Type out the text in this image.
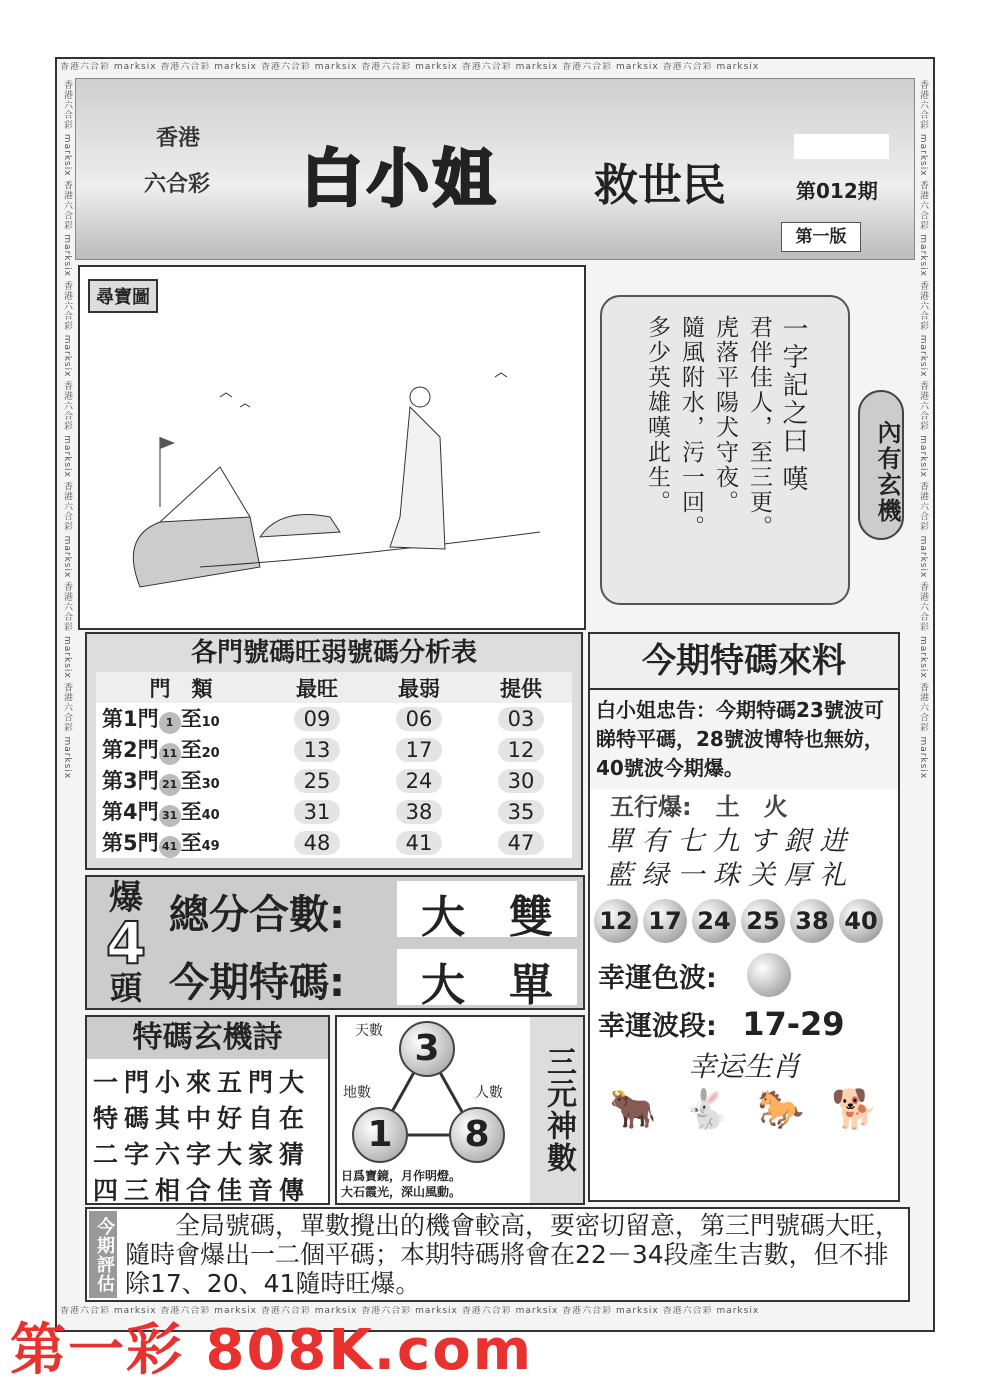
香港六合彩 marksix 香港六合彩 marksix 香港六合彩 marksix 香港六合彩 marksix 香港六合彩 marksix 香港六合彩 marksix 香港六合彩 marksix
香港六合彩 marksix 香港六合彩 marksix 香港六合彩 marksix 香港六合彩 marksix 香港六合彩 marksix 香港六合彩 marksix 香港六合彩 marksix
香港六合彩 marksix 香港六合彩 marksix 香港六合彩 marksix 香港六合彩 marksix 香港六合彩 marksix 香港六合彩 marksix 香港六合彩 marksix	香港六合彩 marksix 香港六合彩 marksix 香港六合彩 marksix 香港六合彩 marksix 香港六合彩 marksix 香港六合彩 marksix 香港六合彩 marksix
香港
六合彩 白小姐 救世民	第012期
第一版
尋寶圖
一字記之曰 嘆
君伴佳人，至三更。
虎落平陽犬守夜。
隨風附水，污一回。
多少英雄嘆此生。	內有玄機
各門號碼旺弱號碼分析表
門　類	最旺	最弱	提供
第1門 1 至10	09	06	03
第2門 11 至20	13	17	12
第3門 21 至30	25	24	30
第4門 31 至40	31	38	35
第5門 41 至49	48	41	47
爆
4
頭
總分合數:	大　雙
今期特碼:	大　單
特碼玄機詩
一門小來五門大
特碼其中好自在
二字六字大家猜
四三相合佳音傳
天數 3
地數
1
人數
8
日爲寶鏡，月作明燈。
大石霞光，深山風動。
三元神數
今期特碼來料
白小姐忠告：今期特碼23號波可睇特平碼，28號波博特也無妨，40號波今期爆。
五行爆:　土　火
單 有 七 九 す 銀 进
藍 绿 一 珠 关 厚 礼
12 17 24 25 38 40
幸運色波:
幸運波段: 17-29
幸运生肖
🐂 🐇 🐎 🐕
今期評估 　　全局號碼，單數攪出的機會較高，要密切留意，第三門號碼大旺，隨時會爆出一二個平碼；本期特碼將會在22－34段產生吉數，但不排除17、20、41隨時旺爆。
第一彩 808K.com
